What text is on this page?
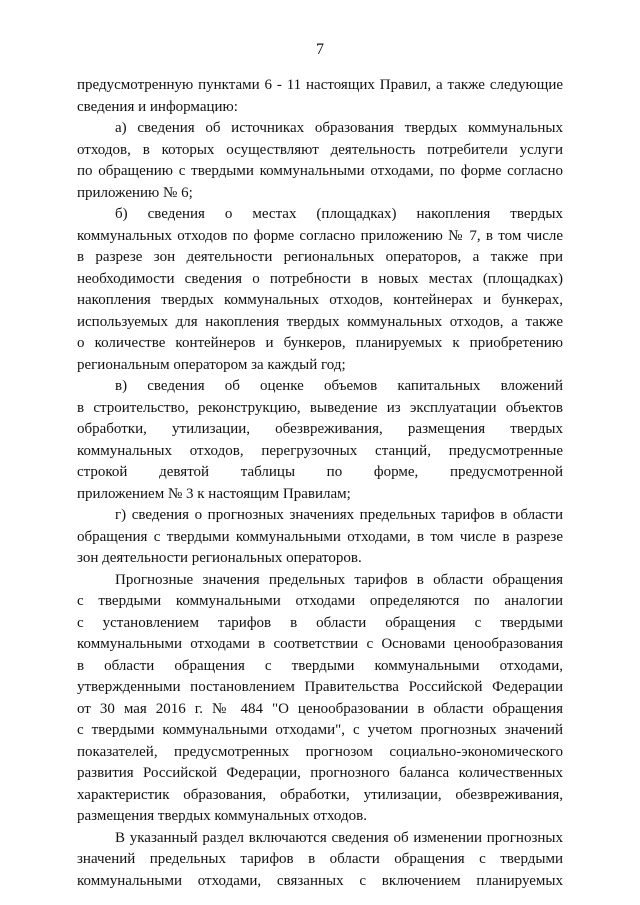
7
предусмотренную пунктами 6 - 11 настоящих Правил, а также следующие
сведения и информацию:
а) сведения об источниках образования твердых коммунальных
отходов, в которых осуществляют деятельность потребители услуги
по обращению с твердыми коммунальными отходами, по форме согласно
приложению № 6;
б) сведения о местах (площадках) накопления твердых
коммунальных отходов по форме согласно приложению № 7, в том числе
в разрезе зон деятельности региональных операторов, а также при
необходимости сведения о потребности в новых местах (площадках)
накопления твердых коммунальных отходов, контейнерах и бункерах,
используемых для накопления твердых коммунальных отходов, а также
о количестве контейнеров и бункеров, планируемых к приобретению
региональным оператором за каждый год;
в) сведения об оценке объемов капитальных вложений
в строительство, реконструкцию, выведение из эксплуатации объектов
обработки, утилизации, обезвреживания, размещения твердых
коммунальных отходов, перегрузочных станций, предусмотренные
строкой девятой таблицы по форме, предусмотренной
приложением № 3 к настоящим Правилам;
г) сведения о прогнозных значениях предельных тарифов в области
обращения с твердыми коммунальными отходами, в том числе в разрезе
зон деятельности региональных операторов.
Прогнозные значения предельных тарифов в области обращения
с твердыми коммунальными отходами определяются по аналогии
с установлением тарифов в области обращения с твердыми
коммунальными отходами в соответствии с Основами ценообразования
в области обращения с твердыми коммунальными отходами,
утвержденными постановлением Правительства Российской Федерации
от 30 мая 2016 г. № 484 "О ценообразовании в области обращения
с твердыми коммунальными отходами", с учетом прогнозных значений
показателей, предусмотренных прогнозом социально-экономического
развития Российской Федерации, прогнозного баланса количественных
характеристик образования, обработки, утилизации, обезвреживания,
размещения твердых коммунальных отходов.
В указанный раздел включаются сведения об изменении прогнозных
значений предельных тарифов в области обращения с твердыми
коммунальными отходами, связанных с включением планируемых
